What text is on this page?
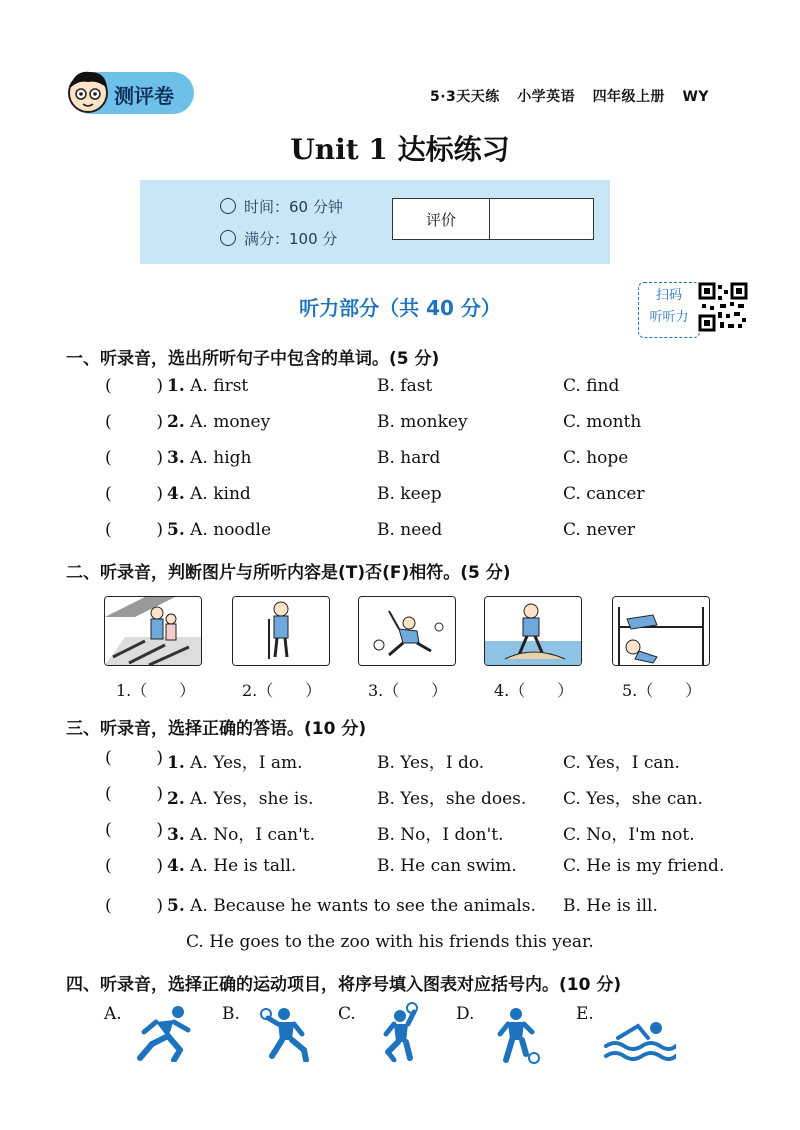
测评卷	5·3天天练 小学英语 四年级上册 WY
Unit 1 达标练习
时间：60 分钟
满分：100 分
评价
听力部分（共 40 分）
扫码
听听力
一、听录音，选出所听句子中包含的单词。(5 分)
(	) 1. A. first	B. fast	C. find
(	) 2. A. money	B. monkey	C. month
(	) 3. A. high	B. hard	C. hope
(	) 4. A. kind	B. keep	C. cancer
(	) 5. A. noodle	B. need	C. never
二、听录音，判断图片与所听内容是(T)否(F)相符。(5 分)
1.（　　）	2.（　　）	3.（　　）	4.（　　）	5.（　　）
三、听录音，选择正确的答语。(10 分)
(	) 1. A. Yes，I am.	B. Yes，I do.	C. Yes，I can.
(	) 2. A. Yes，she is.	B. Yes，she does. C. Yes，she can.
(	) 3. A. No，I can't.	B. No，I don't.	C. No，I'm not.
(	) 4. A. He is tall.	B. He can swim.	C. He is my friend.
(	) 5. A. Because he wants to see the animals. B. He is ill.
C. He goes to the zoo with his friends this year.
四、听录音，选择正确的运动项目，将序号填入图表对应括号内。(10 分)
A.	B.	C.	D.	E.
